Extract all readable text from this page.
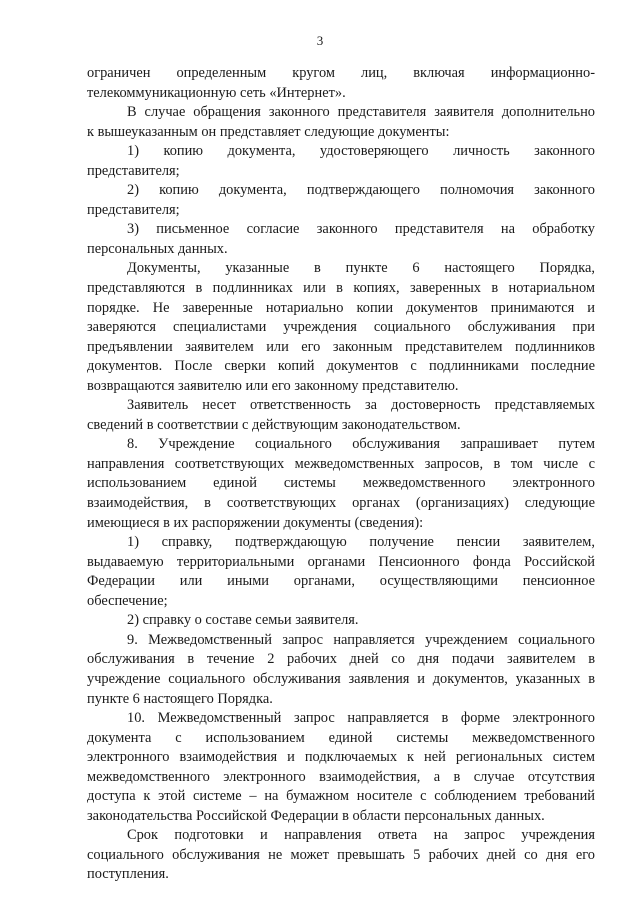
3
ограничен определенным кругом лиц, включая информационно-
телекоммуникационную сеть «Интернет».
В случае обращения законного представителя заявителя дополнительно
к вышеуказанным он представляет следующие документы:
1) копию документа, удостоверяющего личность законного
представителя;
2) копию документа, подтверждающего полномочия законного
представителя;
3) письменное согласие законного представителя на обработку
персональных данных.
Документы, указанные в пункте 6 настоящего Порядка,
представляются в подлинниках или в копиях, заверенных в нотариальном
порядке. Не заверенные нотариально копии документов принимаются и
заверяются специалистами учреждения социального обслуживания при
предъявлении заявителем или его законным представителем подлинников
документов. После сверки копий документов с подлинниками последние
возвращаются заявителю или его законному представителю.
Заявитель несет ответственность за достоверность представляемых
сведений в соответствии с действующим законодательством.
8. Учреждение социального обслуживания запрашивает путем
направления соответствующих межведомственных запросов, в том числе с
использованием единой системы межведомственного электронного
взаимодействия, в соответствующих органах (организациях) следующие
имеющиеся в их распоряжении документы (сведения):
1) справку, подтверждающую получение пенсии заявителем,
выдаваемую территориальными органами Пенсионного фонда Российской
Федерации или иными органами, осуществляющими пенсионное
обеспечение;
2) справку о составе семьи заявителя.
9. Межведомственный запрос направляется учреждением социального
обслуживания в течение 2 рабочих дней со дня подачи заявителем в
учреждение социального обслуживания заявления и документов, указанных в
пункте 6 настоящего Порядка.
10. Межведомственный запрос направляется в форме электронного
документа с использованием единой системы межведомственного
электронного взаимодействия и подключаемых к ней региональных систем
межведомственного электронного взаимодействия, а в случае отсутствия
доступа к этой системе – на бумажном носителе с соблюдением требований
законодательства Российской Федерации в области персональных данных.
Срок подготовки и направления ответа на запрос учреждения
социального обслуживания не может превышать 5 рабочих дней со дня его
поступления.
